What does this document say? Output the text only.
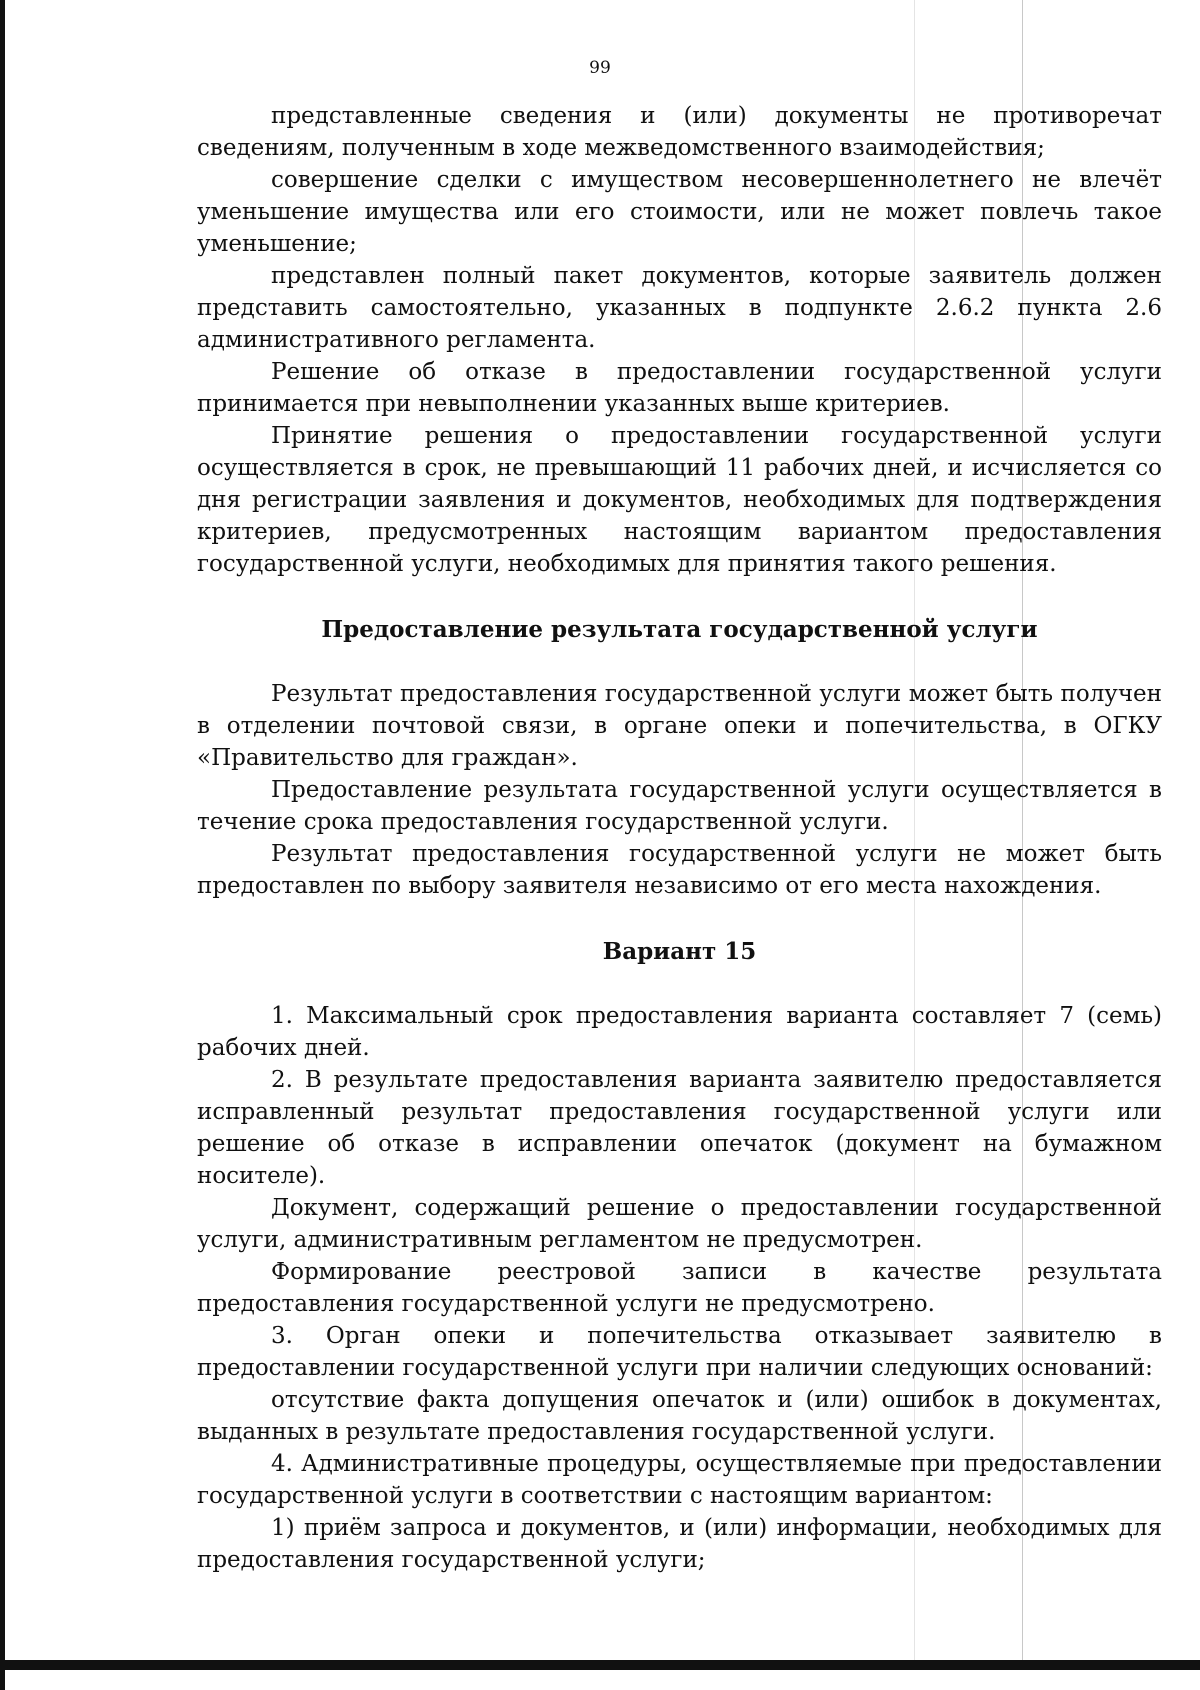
99

представленные сведения и (или) документы не противоречат сведениям, полученным в ходе межведомственного взаимодействия;

совершение сделки с имуществом несовершеннолетнего не влечёт уменьшение имущества или его стоимости, или не может повлечь такое уменьшение;

представлен полный пакет документов, которые заявитель должен представить самостоятельно, указанных в подпункте 2.6.2 пункта 2.6 административного регламента.

Решение об отказе в предоставлении государственной услуги принимается при невыполнении указанных выше критериев.

Принятие решения о предоставлении государственной услуги осуществляется в срок, не превышающий 11 рабочих дней, и исчисляется со дня регистрации заявления и документов, необходимых для подтверждения критериев, предусмотренных настоящим вариантом предоставления государственной услуги, необходимых для принятия такого решения.

Предоставление результата государственной услуги

Результат предоставления государственной услуги может быть получен в отделении почтовой связи, в органе опеки и попечительства, в ОГКУ «Правительство для граждан».

Предоставление результата государственной услуги осуществляется в течение срока предоставления государственной услуги.

Результат предоставления государственной услуги не может быть предоставлен по выбору заявителя независимо от его места нахождения.

Вариант 15

1. Максимальный срок предоставления варианта составляет 7 (семь) рабочих дней.

2. В результате предоставления варианта заявителю предоставляется исправленный результат предоставления государственной услуги или решение об отказе в исправлении опечаток (документ на бумажном носителе).

Документ, содержащий решение о предоставлении государственной услуги, административным регламентом не предусмотрен.

Формирование реестровой записи в качестве результата предоставления государственной услуги не предусмотрено.

3. Орган опеки и попечительства отказывает заявителю в предоставлении государственной услуги при наличии следующих оснований:

отсутствие факта допущения опечаток и (или) ошибок в документах, выданных в результате предоставления государственной услуги.

4. Административные процедуры, осуществляемые при предоставлении государственной услуги в соответствии с настоящим вариантом:

1) приём запроса и документов, и (или) информации, необходимых для предоставления государственной услуги;
